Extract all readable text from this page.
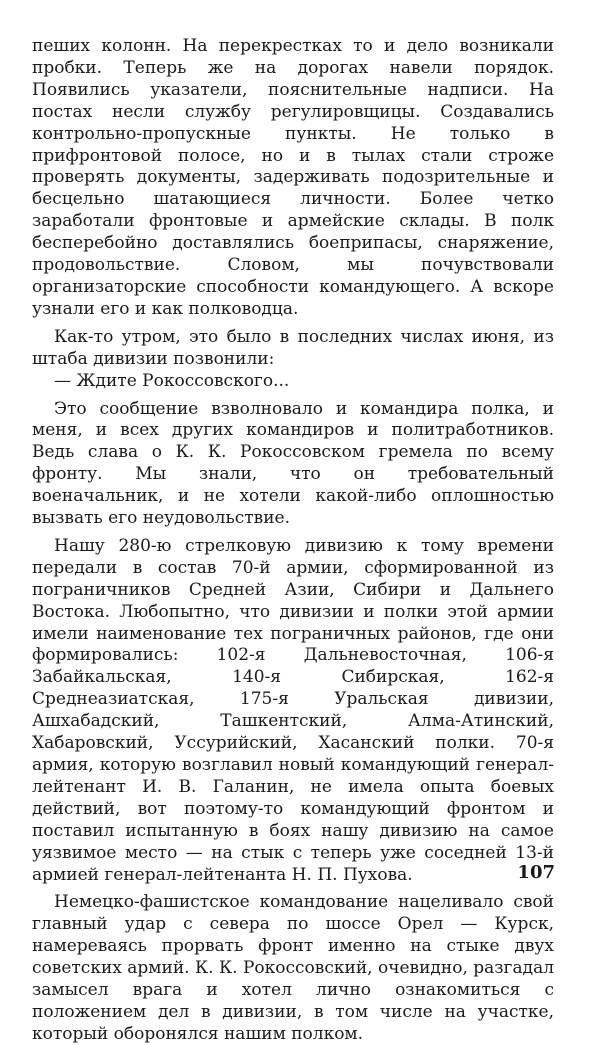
пеших колонн. На перекрестках то и дело возникали пробки. Теперь же на дорогах навели порядок. Появились указатели, пояснительные надписи. На постах несли службу регулировщицы. Создавались контрольно-пропускные пункты. Не только в прифронтовой полосе, но и в тылах стали строже проверять документы, задерживать подозрительные и бесцельно шатающиеся личности. Более четко заработали фронтовые и армейские склады. В полк бесперебойно доставлялись боеприпасы, снаряжение, продовольствие. Словом, мы почувствовали организаторские способности командующего. А вскоре узнали его и как полководца.

Как-то утром, это было в последних числах июня, из штаба дивизии позвонили:

— Ждите Рокоссовского...

Это сообщение взволновало и командира полка, и меня, и всех других командиров и политработников. Ведь слава о К. К. Рокоссовском гремела по всему фронту. Мы знали, что он требовательный военачальник, и не хотели какой-либо оплошностью вызвать его неудовольствие.

Нашу 280-ю стрелковую дивизию к тому времени передали в состав 70-й армии, сформированной из пограничников Средней Азии, Сибири и Дальнего Востока. Любопытно, что дивизии и полки этой армии имели наименование тех пограничных районов, где они формировались: 102-я Дальневосточная, 106-я Забайкальская, 140-я Сибирская, 162-я Среднеазиатская, 175-я Уральская дивизии, Ашхабадский, Ташкентский, Алма-Атинский, Хабаровский, Уссурийский, Хасанский полки. 70-я армия, которую возглавил новый командующий генерал-лейтенант И. В. Галанин, не имела опыта боевых действий, вот поэтому-то командующий фронтом и поставил испытанную в боях нашу дивизию на самое уязвимое место — на стык с теперь уже соседней 13-й армией генерал-лейтенанта Н. П. Пухова.

Немецко-фашистское командование нацеливало свой главный удар с севера по шоссе Орел — Курск, намереваясь прорвать фронт именно на стыке двух советских армий. К. К. Рокоссовский, очевидно, разгадал замысел врага и хотел лично ознакомиться с положением дел в дивизии, в том числе на участке, который оборонялся нашим полком.

107
